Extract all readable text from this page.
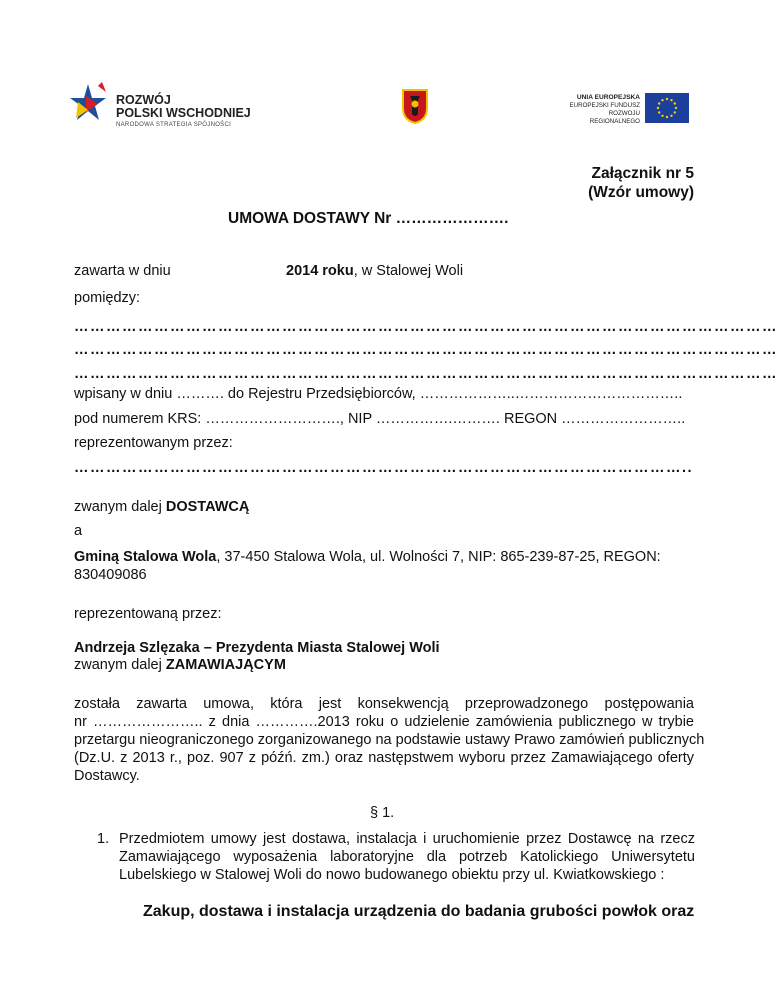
ROZWÓJ
POLSKI WSCHODNIEJ
NARODOWA STRATEGIA SPÓJNOŚCI
UNIA EUROPEJSKA
EUROPEJSKI FUNDUSZ
ROZWOJU REGIONALNEGO
Załącznik nr 5
(Wzór umowy)
UMOWA DOSTAWY Nr ………………….
zawarta w dniu	2014 roku, w Stalowej Woli
pomiędzy:
……………………………………………………………………………………………………………………
……………………………………………………………………………………………………………………
……………………………………………………………………………………………………………………
wpisany w dniu ………. do Rejestru Przedsiębiorców, ………………..……………………………..
pod numerem KRS: ………………………., NIP …………….………. REGON ……………………..
reprezentowanym przez:
……………………………………………………………………………………………………..
zwanym dalej DOSTAWCĄ
a
Gminą Stalowa Wola, 37-450 Stalowa Wola, ul. Wolności 7, NIP: 865-239-87-25, REGON:
830409086
reprezentowaną przez:
Andrzeja Szlęzaka – Prezydenta Miasta Stalowej Woli
zwanym dalej ZAMAWIAJĄCYM
została zawarta umowa, która jest konsekwencją przeprowadzonego postępowania
nr ………………….. z dnia ………….2013 roku o udzielenie zamówienia publicznego w trybie
przetargu nieograniczonego zorganizowanego na podstawie ustawy Prawo zamówień publicznych
(Dz.U. z 2013 r., poz. 907 z późń. zm.) oraz następstwem wyboru przez Zamawiającego oferty
Dostawcy.
§ 1.
1. Przedmiotem umowy jest dostawa, instalacja i uruchomienie przez Dostawcę na rzecz
Zamawiającego wyposażenia laboratoryjne dla potrzeb Katolickiego Uniwersytetu
Lubelskiego w Stalowej Woli do nowo budowanego obiektu przy ul. Kwiatkowskiego :
Zakup, dostawa i instalacja urządzenia do badania grubości powłok oraz
